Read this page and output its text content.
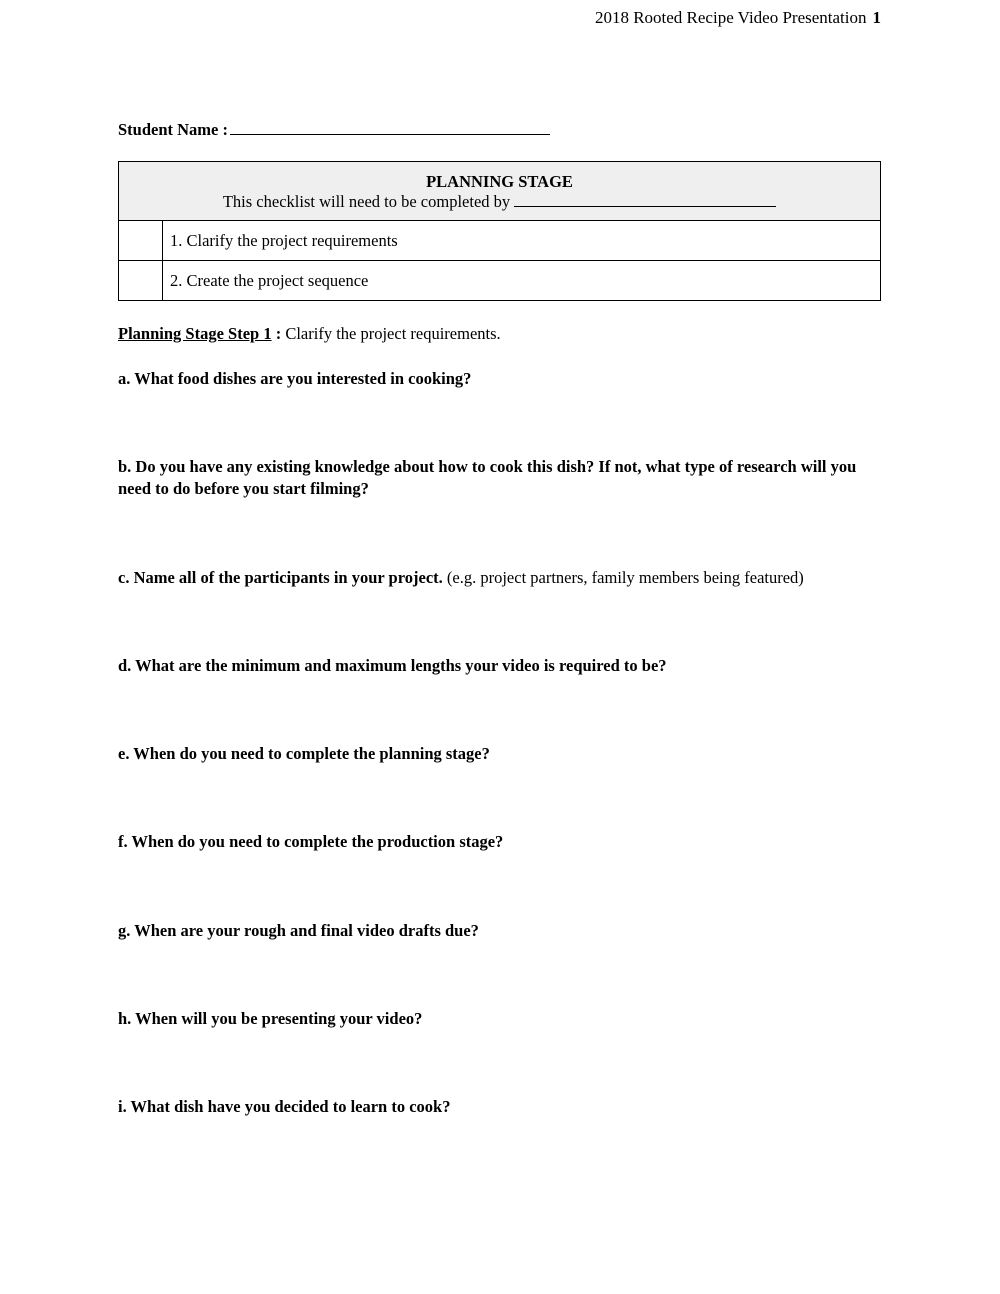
2018 Rooted Recipe Video Presentation 1
Student Name :
PLANNING STAGE
This checklist will need to be completed by	
	1. Clarify the project requirements
	2. Create the project sequence
Planning Stage Step 1 : Clarify the project requirements.
a. What food dishes are you interested in cooking?
b. Do you have any existing knowledge about how to cook this dish? If not, what type of research will you need to do before you start filming?
c. Name all of the participants in your project. (e.g. project partners, family members being featured)
d. What are the minimum and maximum lengths your video is required to be?
e. When do you need to complete the planning stage?
f. When do you need to complete the production stage?
g. When are your rough and final video drafts due?
h. When will you be presenting your video?
i. What dish have you decided to learn to cook?
